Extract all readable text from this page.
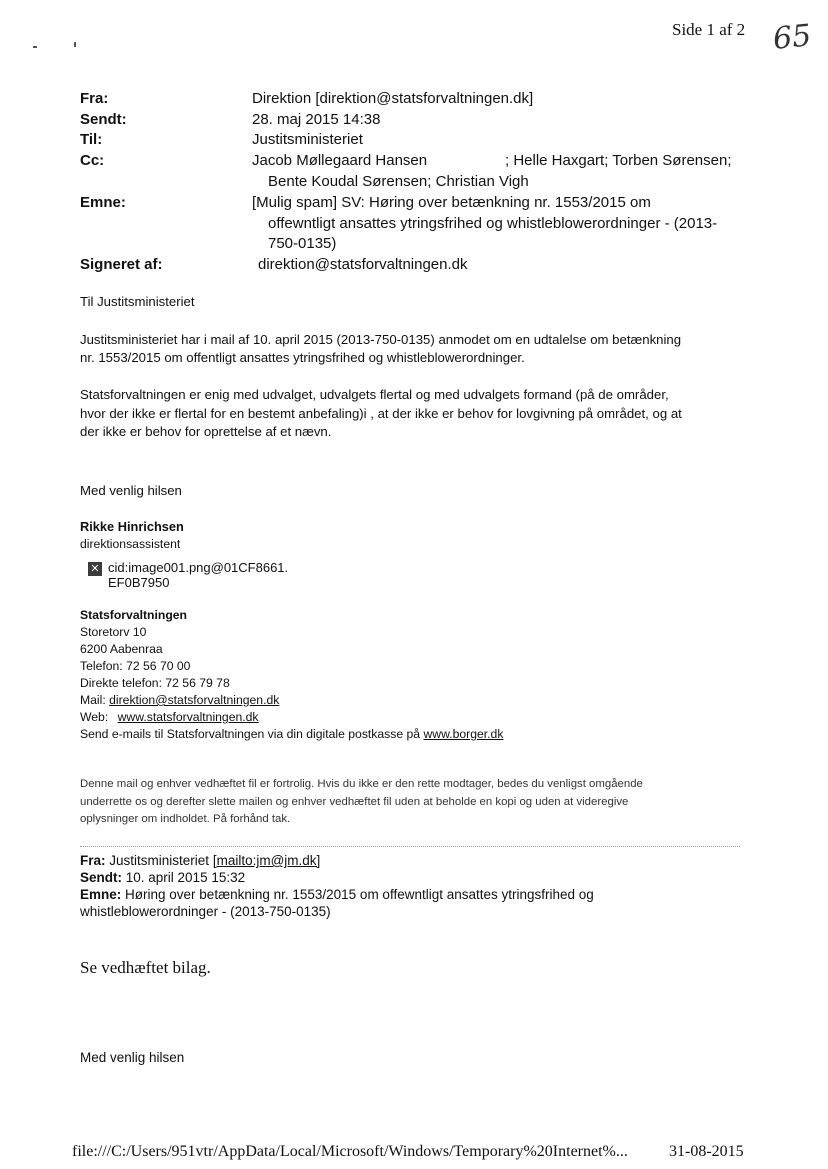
Side 1 af 2 65
Fra:	Direktion [direktion@statsforvaltningen.dk]
Sendt:	28. maj 2015 14:38
Til:	Justitsministeriet
Cc:	Jacob Møllegaard Hansen	; Helle Haxgart; Torben Sørensen;
Bente Koudal Sørensen; Christian Vigh
Emne:	[Mulig spam] SV: Høring over betænkning nr. 1553/2015 om
offewntligt ansattes ytringsfrihed og whistleblowerordninger - (2013-
750-0135)
Signeret af:	direktion@statsforvaltningen.dk
Til Justitsministeriet
Justitsministeriet har i mail af 10. april 2015 (2013-750-0135) anmodet om en udtalelse om betænkning
nr. 1553/2015 om offentligt ansattes ytringsfrihed og whistleblowerordninger.
Statsforvaltningen er enig med udvalget, udvalgets flertal og med udvalgets formand (på de områder,
hvor der ikke er flertal for en bestemt anbefaling)i , at der ikke er behov for lovgivning på området, og at
der ikke er behov for oprettelse af et nævn.
Med venlig hilsen
Rikke Hinrichsen
direktionsassistent
✕ cid:image001.png@01CF8661.
EF0B7950
Statsforvaltningen
Storetorv 10
6200 Aabenraa
Telefon: 72 56 70 00
Direkte telefon: 72 56 79 78
Mail: direktion@statsforvaltningen.dk
Web: www.statsforvaltningen.dk
Send e-mails til Statsforvaltningen via din digitale postkasse på www.borger.dk
Denne mail og enhver vedhæftet fil er fortrolig. Hvis du ikke er den rette modtager, bedes du venligst omgående
underrette os og derefter slette mailen og enhver vedhæftet fil uden at beholde en kopi og uden at videregive
oplysninger om indholdet. På forhånd tak.
Fra: Justitsministeriet [mailto:jm@jm.dk]
Sendt: 10. april 2015 15:32
Emne: Høring over betænkning nr. 1553/2015 om offewntligt ansattes ytringsfrihed og
whistleblowerordninger - (2013-750-0135)
Se vedhæftet bilag.
Med venlig hilsen
file:///C:/Users/951vtr/AppData/Local/Microsoft/Windows/Temporary%20Internet%...	31-08-2015
